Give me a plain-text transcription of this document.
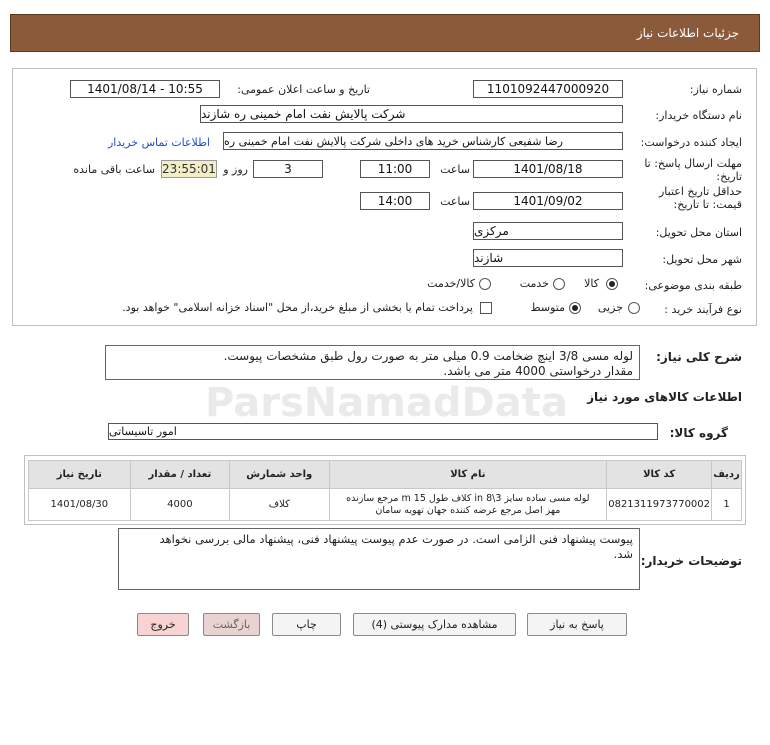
جزئیات اطلاعات نیاز
ParsNamadData
شماره نیاز:
1101092447000920
تاریخ و ساعت اعلان عمومی:
1401/08/14 - 10:55
نام دستگاه خریدار:
شرکت پالایش نفت امام خمینی ره شازند
ایجاد کننده درخواست:
رضا شفیعی کارشناس خرید های داخلی شرکت پالایش نفت امام خمینی ره
اطلاعات تماس خریدار
مهلت ارسال پاسخ: تا تاریخ:
1401/08/18
ساعت
11:00
3
روز و
23:55:01
ساعت باقی مانده
حداقل تاریخ اعتبار قیمت: تا تاریخ:
1401/09/02
ساعت
14:00
استان محل تحویل:
مرکزی
شهر محل تحویل:
شازند
طبقه بندی موضوعی:
کالا
خدمت
کالا/خدمت
نوع فرآیند خرید :
جزیی
متوسط
پرداخت تمام یا بخشی از مبلغ خرید،از محل "اسناد خزانه اسلامی" خواهد بود.
شرح کلی نیاز:
لوله مسی 3/8 اینچ ضخامت 0.9 میلی متر به صورت رول طبق مشخصات پیوست.
مقدار درخواستی 4000 متر می باشد.
اطلاعات کالاهای مورد نیاز
گروه کالا:
امور تاسیساتی
ردیف	کد کالا	نام کالا	واحد شمارش	تعداد / مقدار	تاریخ نیاز
1	0821311973770002	لوله مسی ساده سایز in 8\3 کلاف طول m 15 مرجع سازنده
مهز اصل مرجع عرضه کننده جهان تهویه سامان	کلاف	4000	1401/08/30
توضیحات خریدار:
پیوست پیشنهاد فنی الزامی است. در صورت عدم پیوست پیشنهاد فنی، پیشنهاد مالی بررسی نخواهد
شد.
پاسخ به نیاز
مشاهده مدارک پیوستی (4)
چاپ
بازگشت
خروج
